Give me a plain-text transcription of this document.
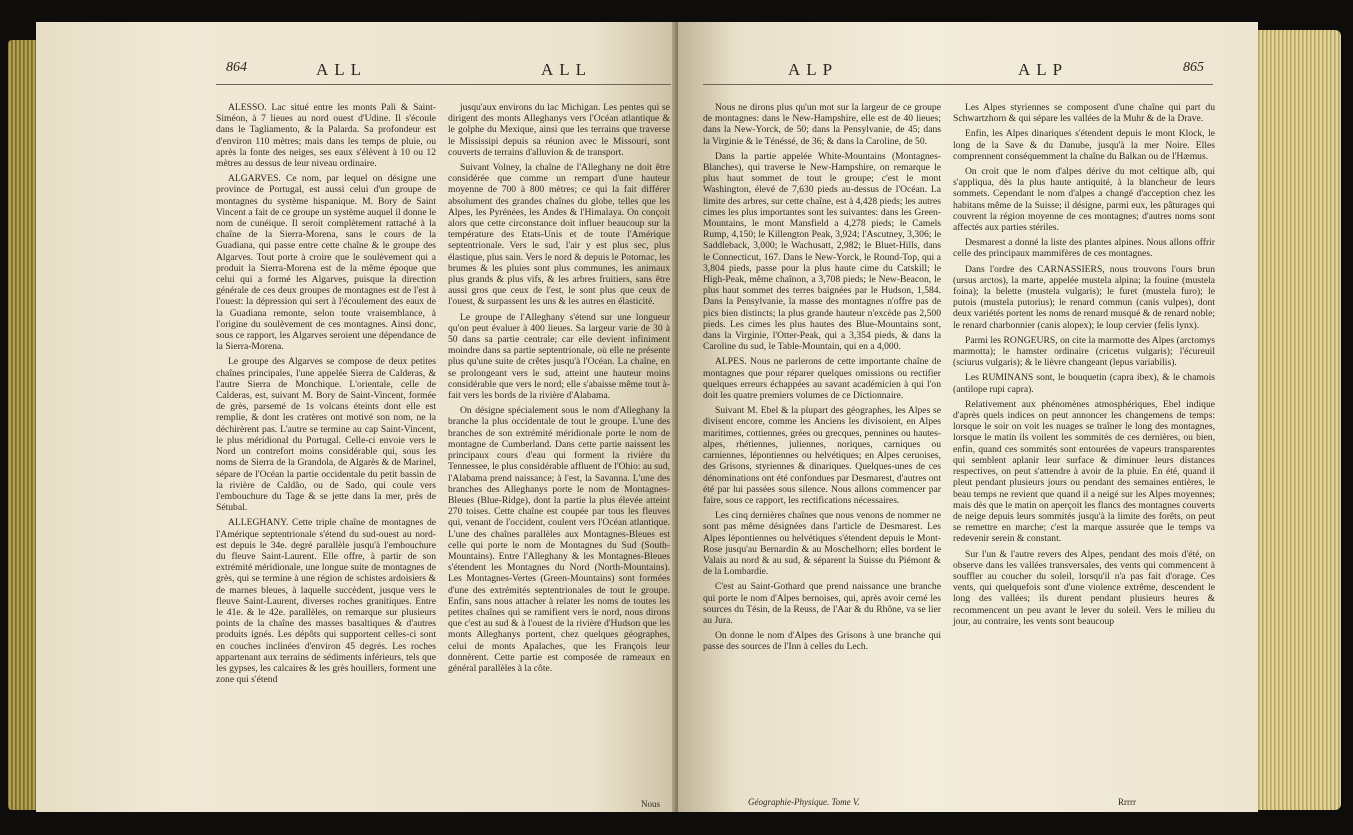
864	ALL	ALL

ALESSO. Lac situé entre les monts Pali & Saint-Siméon, à 7 lieues au nord ouest d'Udine. Il s'écoule dans le Tagliamento, & la Palarda. Sa profondeur est d'environ 110 mètres; mais dans les temps de pluie, ou après la fonte des neiges, ses eaux s'élèvent à 10 ou 12 mètres au dessus de leur niveau ordinaire.

ALGARVES. Ce nom, par lequel on désigne une province de Portugal, est aussi celui d'un groupe de montagnes du système hispanique. M. Bory de Saint Vincent a fait de ce groupe un système auquel il donne le nom de cunéique. Il seroit complètement rattaché à la chaîne de la Sierra-Morena, sans le cours de la Guadiana, qui passe entre cette chaîne & le groupe des Algarves. Tout porte à croire que le soulèvement qui a produit la Sierra-Morena est de la même époque que celui qui a formé les Algarves, puisque la direction générale de ces deux groupes de montagnes est de l'est à l'ouest: la dépression qui sert à l'écoulement des eaux de la Guadiana remonte, selon toute vraisemblance, à l'origine du soulèvement de ces montagnes. Ainsi donc, sous ce rapport, les Algarves seroient une dépendance de la Sierra-Morena.

Le groupe des Algarves se compose de deux petites chaînes principales, l'une appelée Sierra de Calderas, & l'autre Sierra de Monchique. L'orientale, celle de Calderas, est, suivant M. Bory de Saint-Vincent, formée de grès, parsemé de 1s volcans éteints dont elle est remplie, & dont les cratères ont motivé son nom, ne la déchirèrent pas. L'autre se termine au cap Saint-Vincent, le plus méridional du Portugal. Celle-ci envoie vers le Nord un contrefort moins considérable qui, sous les noms de Sierra de la Grandola, de Algarès & de Marinel, sépare de l'Océan la partie occidentale du petit bassin de la rivière de Caldão, ou de Sado, qui coule vers l'embouchure du Tage & se jette dans la mer, près de Sétubal.

ALLEGHANY. Cette triple chaîne de montagnes de l'Amérique septentrionale s'étend du sud-ouest au nord-est depuis le 34e. degré parallèle jusqu'à l'embouchure du fleuve Saint-Laurent. Elle offre, à partir de son extrémité méridionale, une longue suite de montagnes de grès, qui se termine à une région de schistes ardoisiers & de marnes bleues, à laquelle succèdent, jusque vers le fleuve Saint-Laurent, diverses roches granitiques. Entre le 41e. & le 42e. parallèles, on remarque sur plusieurs points de la chaîne des masses basaltiques & d'autres produits ignés. Les dépôts qui supportent celles-ci sont en couches inclinées d'environ 45 degrés. Les roches appartenant aux terrains de sédiments inférieurs, tels que les gypses, les calcaires & les grès houillers, forment une zone qui s'étend

jusqu'aux environs du lac Michigan. Les pentes qui se dirigent des monts Alleghanys vers l'Océan atlantique & le golphe du Mexique, ainsi que les terrains que traverse le Mississipi depuis sa réunion avec le Missouri, sont couverts de terrains d'alluvion & de transport.

Suivant Volney, la chaîne de l'Alleghany ne doit être considérée que comme un rempart d'une hauteur moyenne de 700 à 800 mètres; ce qui la fait différer absolument des grandes chaînes du globe, telles que les Alpes, les Pyrénées, les Andes & l'Himalaya. On conçoit alors que cette circonstance doit influer beaucoup sur la température des Etats-Unis et de toute l'Amérique septentrionale. Vers le sud, l'air y est plus sec, plus élastique, plus sain. Vers le nord & depuis le Potomac, les brumes & les pluies sont plus communes, les animaux plus grands & plus vifs, & les arbres fruitiers, sans être aussi gros que ceux de l'est, le sont plus que ceux de l'ouest, & surpassent les uns & les autres en élasticité.

Le groupe de l'Alleghany s'étend sur une longueur qu'on peut évaluer à 400 lieues. Sa largeur varie de 30 à 50 dans sa partie centrale; car elle devient infiniment moindre dans sa partie septentrionale, où elle ne présente plus qu'une suite de crêtes jusqu'à l'Océan. La chaîne, en se prolongeant vers le sud, atteint une hauteur moins considérable que vers le nord; elle s'abaisse même tout à-fait vers les bords de la rivière d'Alabama.

On désigne spécialement sous le nom d'Alleghany la branche la plus occidentale de tout le groupe. L'une des branches de son extrémité méridionale porte le nom de montagne de Cumberland. Dans cette partie naissent les principaux cours d'eau qui forment la rivière du Tennessee, le plus considérable affluent de l'Ohio: au sud, l'Alabama prend naissance; à l'est, la Savanna. L'une des branches des Alleghanys porte le nom de Montagnes-Bleues (Blue-Ridge), dont la partie la plus élevée atteint 270 toises. Cette chaîne est coupée par tous les fleuves qui, venant de l'occident, coulent vers l'Océan atlantique. L'une des chaînes parallèles aux Montagnes-Bleues est celle qui porte le nom de Montagnes du Sud (South-Mountains). Entre l'Alleghany & les Montagnes-Bleues s'étendent les Montagnes du Nord (North-Mountains). Les Montagnes-Vertes (Green-Mountains) sont formées d'une des extrémités septentrionales de tout le groupe. Enfin, sans nous attacher à relater les noms de toutes les petites chaînes qui se ramifient vers le nord, nous dirons que c'est au sud & à l'ouest de la rivière d'Hudson que les monts Alleghanys portent, chez quelques géographes, celui de monts Apalaches, que les François leur donnèrent. Cette partie est composée de rameaux en général parallèles à la côte.

Nous
ALP	ALP	865

Nous ne dirons plus qu'un mot sur la largeur de ce groupe de montagnes: dans le New-Hampshire, elle est de 40 lieues; dans la New-Yorck, de 50; dans la Pensylvanie, de 45; dans la Virginie & le Ténéssé, de 36; & dans la Caroline, de 50.

Dans la partie appelée White-Mountains (Montagnes-Blanches), qui traverse le New-Hampshire, on remarque le plus haut sommet de tout le groupe; c'est le mont Washington, élevé de 7,630 pieds au-dessus de l'Océan. La limite des arbres, sur cette chaîne, est à 4,428 pieds; les autres cimes les plus importantes sont les suivantes: dans les Green-Mountains, le mont Mansfield a 4,278 pieds; le Camels Rump, 4,150; le Killengton Peak, 3,924; l'Ascutney, 3,306; le Saddleback, 3,000; le Wachusatt, 2,982; le Bluet-Hills, dans le Connecticut, 167. Dans le New-Yorck, le Round-Top, qui a 3,804 pieds, passe pour la plus haute cime du Catskill; le High-Peak, même chaînon, a 3,708 pieds; le New-Beacon, le plus haut sommet des terres baignées par le Hudson, 1,584. Dans la Pensylvanie, la masse des montagnes n'offre pas de pics bien distincts; la plus grande hauteur n'excède pas 2,500 pieds. Les cimes les plus hautes des Blue-Mountains sont, dans la Virginie, l'Otter-Peak, qui a 3,354 pieds, & dans la Caroline du sud, le Table-Mountain, qui en a 4,000.

ALPES. Nous ne parlerons de cette importante chaîne de montagnes que pour réparer quelques omissions ou rectifier quelques erreurs échappées au savant académicien à qui l'on doit les quatre premiers volumes de ce Dictionnaire.

Suivant M. Ebel & la plupart des géographes, les Alpes se divisent encore, comme les Anciens les divisoient, en Alpes maritimes, cottiennes, grées ou grecques, pennines ou hautes-alpes, rhétiennes, juliennes, noriques, carniques ou carniennes, lépontiennes ou helvétiques; en Alpes ceruoises, des Grisons, styriennes & dinariques. Quelques-unes de ces dénominations ont été confondues par Desmarest, d'autres ont été par lui passées sous silence. Nous allons commencer par faire, sous ce rapport, les rectifications nécessaires.

Les cinq dernières chaînes que nous venons de nommer ne sont pas même désignées dans l'article de Desmarest. Les Alpes lépontiennes ou helvétiques s'étendent depuis le Mont-Rose jusqu'au Bernardin & au Moschelhorn; elles bordent le Valais au nord & au sud, & séparent la Suisse du Piémont & de la Lombardie.

C'est au Saint-Gothard que prend naissance une branche qui porte le nom d'Alpes bernoises, qui, après avoir cerné les sources du Tésin, de la Reuss, de l'Aar & du Rhône, va se lier au Jura.

On donne le nom d'Alpes des Grisons à une branche qui passe des sources de l'Inn à celles du Lech.

Les Alpes styriennes se composent d'une chaîne qui part du Schwartzhorn & qui sépare les vallées de la Muhr & de la Drave.

Enfin, les Alpes dinariques s'étendent depuis le mont Klock, le long de la Save & du Danube, jusqu'à la mer Noire. Elles comprennent conséquemment la chaîne du Balkan ou de l'Hæmus.

On croit que le nom d'alpes dérive du mot celtique alb, qui s'appliqua, dès la plus haute antiquité, à la blancheur de leurs sommets. Cependant le nom d'alpes a changé d'acception chez les habitans même de la Suisse; il désigne, parmi eux, les pâturages qui couvrent la région moyenne de ces montagnes; d'autres noms sont affectés aux parties stériles.

Desmarest a donné la liste des plantes alpines. Nous allons offrir celle des principaux mammifères de ces montagnes.

Dans l'ordre des CARNASSIERS, nous trouvons l'ours brun (ursus arctos), la marte, appelée mustela alpina; la fouine (mustela foina); la belette (mustela vulgaris); le furet (mustela furo); le putois (mustela putorius); le renard commun (canis vulpes), dont deux variétés portent les noms de renard musqué & de renard noble; le renard charbonnier (canis alopex); le loup cervier (felis lynx).

Parmi les RONGEURS, on cite la marmotte des Alpes (arctomys marmotta); le hamster ordinaire (cricetus vulgaris); l'écureuil (sciurus vulgaris); & le lièvre changeant (lepus variabilis).

Les RUMINANS sont, le bouquetin (capra ibex), & le chamois (antilope rupi capra).

Relativement aux phénomènes atmosphériques, Ebel indique d'après quels indices on peut annoncer les changemens de temps: lorsque le soir on voit les nuages se traîner le long des montagnes, lorsque le matin ils voilent les sommités de ces dernières, ou bien, enfin, quand ces sommités sont entourées de vapeurs transparentes qui semblent aplanir leur surface & diminuer leurs distances respectives, on peut s'attendre à avoir de la pluie. En été, quand il pleut pendant plusieurs jours ou pendant des semaines entières, le beau temps ne revient que quand il a neigé sur les Alpes moyennes; mais dès que le matin on aperçoit les flancs des montagnes couverts de neige depuis leurs sommités jusqu'à la limite des forêts, on peut se remettre en marche; c'est la marque assurée que le temps va redevenir serein & constant.

Sur l'un & l'autre revers des Alpes, pendant des mois d'été, on observe dans les vallées transversales, des vents qui commencent à souffler au coucher du soleil, lorsqu'il n'a pas fait d'orage. Ces vents, qui quelquefois sont d'une violence extrême, descendent le long des vallées; ils durent pendant plusieurs heures & recommencent un peu avant le lever du soleil. Vers le milieu du jour, au contraire, les vents sont beaucoup

Géographie-Physique. Tome V.	Rrrrr
